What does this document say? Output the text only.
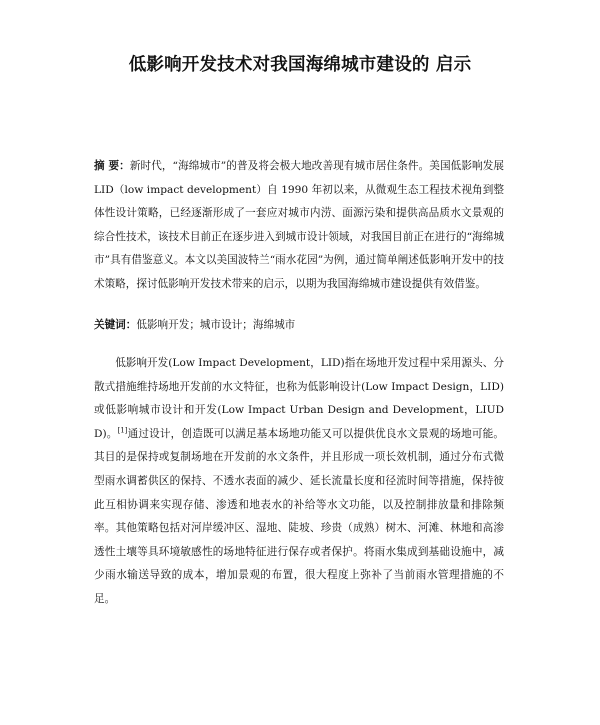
低影响开发技术对我国海绵城市建设的 启示
摘 要：新时代，“海绵城市”的普及将会极大地改善现有城市居住条件。美国低影响发展 LID（low impact development）自 1990 年初以来，从微观生态工程技术视角到整体性设计策略，已经逐渐形成了一套应对城市内涝、面源污染和提供高品质水文景观的综合性技术，该技术目前正在逐步进入到城市设计领域，对我国目前正在进行的“海绵城市”具有借鉴意义。本文以美国波特兰“雨水花园”为例，通过简单阐述低影响开发中的技术策略，探讨低影响开发技术带来的启示，以期为我国海绵城市建设提供有效借鉴。
关键词：低影响开发；城市设计；海绵城市
低影响开发(Low Impact Development，LID)指在场地开发过程中采用源头、分散式措施维持场地开发前的水文特征，也称为低影响设计(Low Impact Design，LID)或低影响城市设计和开发(Low Impact Urban Design and Development，LIUDD)。[1]通过设计，创造既可以满足基本场地功能又可以提供优良水文景观的场地可能。其目的是保持或复制场地在开发前的水文条件，并且形成一项长效机制，通过分布式微型雨水调蓄供区的保持、不透水表面的减少、延长流量长度和径流时间等措施，保持彼此互相协调来实现存储、渗透和地表水的补给等水文功能，以及控制排放量和排除频率。其他策略包括对河岸缓冲区、湿地、陡坡、珍贵（成熟）树木、河滩、林地和高渗透性土壤等具环境敏感性的场地特征进行保存或者保护。将雨水集成到基础设施中，减少雨水输送导致的成本，增加景观的布置，很大程度上弥补了当前雨水管理措施的不足。
